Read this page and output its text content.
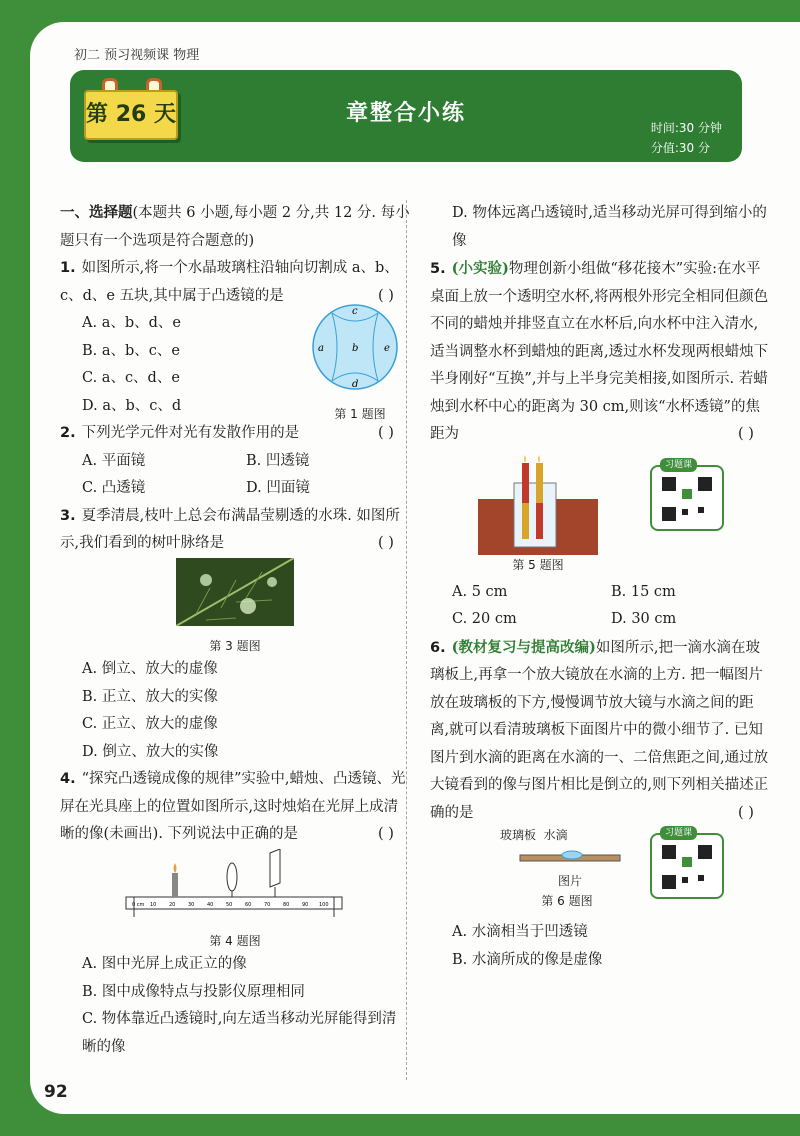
初二 预习视频课 物理
第 26 天	章整合小练
时间:30 分钟
分值:30 分

一、选择题(本题共 6 小题,每小题 2 分,共 12 分. 每小题只有一个选项是符合题意的)

1. 如图所示,将一个水晶玻璃柱沿轴向切割成 a、b、c、d、e 五块,其中属于凸透镜的是	( )

A. a、b、d、e

B. a、b、c、e

C. a、c、d、e

D. a、b、c、d

c
a	b	e
d
第 1 题图

2. 下列光学元件对光有发散作用的是	( )

A. 平面镜	B. 凹透镜
C. 凸透镜	D. 凹面镜

3. 夏季清晨,枝叶上总会布满晶莹剔透的水珠. 如图所示,我们看到的树叶脉络是	( )

第 3 题图

A. 倒立、放大的虚像

B. 正立、放大的实像

C. 正立、放大的虚像

D. 倒立、放大的实像

4. “探究凸透镜成像的规律”实验中,蜡烛、凸透镜、光屏在光具座上的位置如图所示,这时烛焰在光屏上成清晰的像(未画出). 下列说法中正确的是	( )

0 cm 10	20	30	40	50	60	70	80	90 100
第 4 题图

A. 图中光屏上成正立的像

B. 图中成像特点与投影仪原理相同

C. 物体靠近凸透镜时,向左适当移动光屏能得到清晰的像

D. 物体远离凸透镜时,适当移动光屏可得到缩小的像

5. (小实验)物理创新小组做“移花接木”实验:在水平桌面上放一个透明空水杯,将两根外形完全相同但颜色不同的蜡烛并排竖直立在水杯后,向水杯中注入清水,适当调整水杯到蜡烛的距离,透过水杯发现两根蜡烛下半身刚好“互换”,并与上半身完美相接,如图所示. 若蜡烛到水杯中心的距离为 30 cm,则该“水杯透镜”的焦距为	( )

第 5 题图
习题课
A. 5 cm	B. 15 cm
C. 20 cm	D. 30 cm

6. (教材复习与提高改编)如图所示,把一滴水滴在玻璃板上,再拿一个放大镜放在水滴的上方. 把一幅图片放在玻璃板的下方,慢慢调节放大镜与水滴之间的距离,就可以看清玻璃板下面图片中的微小细节了. 已知图片到水滴的距离在水滴的一、二倍焦距之间,通过放大镜看到的像与图片相比是倒立的,则下列相关描述正确的是	( )

玻璃板 水滴
图片
第 6 题图
习题课

A. 水滴相当于凹透镜

B. 水滴所成的像是虚像

92
